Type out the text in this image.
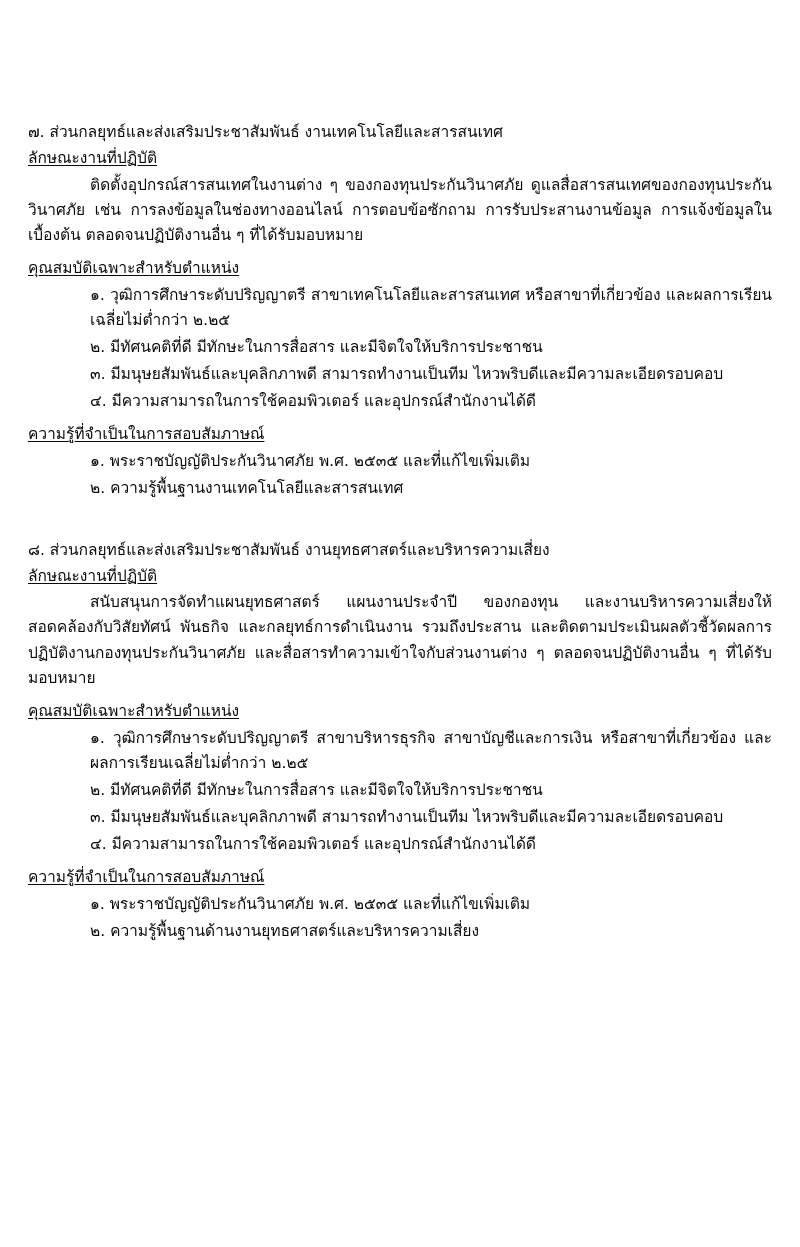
๗. ส่วนกลยุทธ์และส่งเสริมประชาสัมพันธ์ งานเทคโนโลยีและสารสนเทศ
ลักษณะงานที่ปฏิบัติ

ติดตั้งอุปกรณ์สารสนเทศในงานต่าง ๆ ของกองทุนประกันวินาศภัย ดูแลสื่อสารสนเทศของกองทุนประกันวินาศภัย เช่น การลงข้อมูลในช่องทางออนไลน์ การตอบข้อซักถาม การรับประสานงานข้อมูล การแจ้งข้อมูลในเบื้องต้น ตลอดจนปฏิบัติงานอื่น ๆ ที่ได้รับมอบหมาย

คุณสมบัติเฉพาะสำหรับตำแหน่ง

๑. วุฒิการศึกษาระดับปริญญาตรี สาขาเทคโนโลยีและสารสนเทศ หรือสาขาที่เกี่ยวข้อง และผลการเรียนเฉลี่ยไม่ต่ำกว่า ๒.๒๕

๒. มีทัศนคติที่ดี มีทักษะในการสื่อสาร และมีจิตใจให้บริการประชาชน

๓. มีมนุษยสัมพันธ์และบุคลิกภาพดี สามารถทำงานเป็นทีม ไหวพริบดีและมีความละเอียดรอบคอบ

๔. มีความสามารถในการใช้คอมพิวเตอร์ และอุปกรณ์สำนักงานได้ดี

ความรู้ที่จำเป็นในการสอบสัมภาษณ์

๑. พระราชบัญญัติประกันวินาศภัย พ.ศ. ๒๕๓๕ และที่แก้ไขเพิ่มเติม

๒. ความรู้พื้นฐานงานเทคโนโลยีและสารสนเทศ

๘. ส่วนกลยุทธ์และส่งเสริมประชาสัมพันธ์ งานยุทธศาสตร์และบริหารความเสี่ยง
ลักษณะงานที่ปฏิบัติ

สนับสนุนการจัดทำแผนยุทธศาสตร์ แผนงานประจำปี ของกองทุน และงานบริหารความเสี่ยงให้สอดคล้องกับวิสัยทัศน์ พันธกิจ และกลยุทธ์การดำเนินงาน รวมถึงประสาน และติดตามประเมินผลตัวชี้วัดผลการปฏิบัติงานกองทุนประกันวินาศภัย และสื่อสารทำความเข้าใจกับส่วนงานต่าง ๆ ตลอดจนปฏิบัติงานอื่น ๆ ที่ได้รับมอบหมาย

คุณสมบัติเฉพาะสำหรับตำแหน่ง

๑. วุฒิการศึกษาระดับปริญญาตรี สาขาบริหารธุรกิจ สาขาบัญชีและการเงิน หรือสาขาที่เกี่ยวข้อง และผลการเรียนเฉลี่ยไม่ต่ำกว่า ๒.๒๕

๒. มีทัศนคติที่ดี มีทักษะในการสื่อสาร และมีจิตใจให้บริการประชาชน

๓. มีมนุษยสัมพันธ์และบุคลิกภาพดี สามารถทำงานเป็นทีม ไหวพริบดีและมีความละเอียดรอบคอบ

๔. มีความสามารถในการใช้คอมพิวเตอร์ และอุปกรณ์สำนักงานได้ดี

ความรู้ที่จำเป็นในการสอบสัมภาษณ์

๑. พระราชบัญญัติประกันวินาศภัย พ.ศ. ๒๕๓๕ และที่แก้ไขเพิ่มเติม

๒. ความรู้พื้นฐานด้านงานยุทธศาสตร์และบริหารความเสี่ยง
